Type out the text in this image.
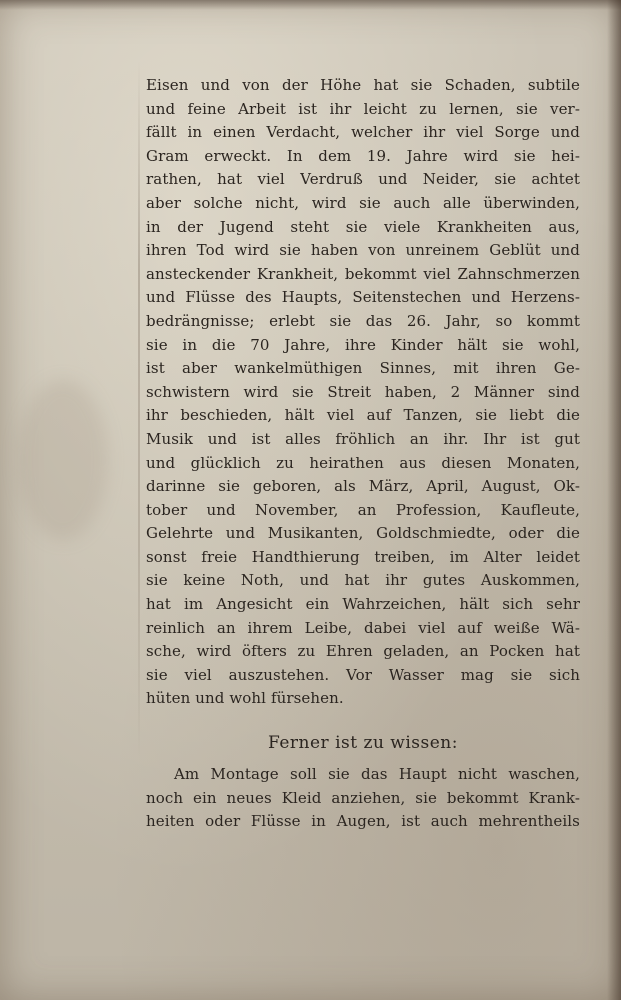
Eisen und von der Höhe hat sie Schaden, subtile
und feine Arbeit ist ihr leicht zu lernen, sie ver-
fällt in einen Verdacht, welcher ihr viel Sorge und
Gram erweckt. In dem 19. Jahre wird sie hei-
rathen, hat viel Verdruß und Neider, sie achtet
aber solche nicht, wird sie auch alle überwinden,
in der Jugend steht sie viele Krankheiten aus,
ihren Tod wird sie haben von unreinem Geblüt und
ansteckender Krankheit, bekommt viel Zahnschmerzen
und Flüsse des Haupts, Seitenstechen und Herzens-
bedrängnisse; erlebt sie das 26. Jahr, so kommt
sie in die 70 Jahre, ihre Kinder hält sie wohl,
ist aber wankelmüthigen Sinnes, mit ihren Ge-
schwistern wird sie Streit haben, 2 Männer sind
ihr beschieden, hält viel auf Tanzen, sie liebt die
Musik und ist alles fröhlich an ihr. Ihr ist gut
und glücklich zu heirathen aus diesen Monaten,
darinne sie geboren, als März, April, August, Ok-
tober und November, an Profession, Kaufleute,
Gelehrte und Musikanten, Goldschmiedte, oder die
sonst freie Handthierung treiben, im Alter leidet
sie keine Noth, und hat ihr gutes Auskommen,
hat im Angesicht ein Wahrzeichen, hält sich sehr
reinlich an ihrem Leibe, dabei viel auf weiße Wä-
sche, wird öfters zu Ehren geladen, an Pocken hat
sie viel auszustehen. Vor Wasser mag sie sich
hüten und wohl fürsehen.
Ferner ist zu wissen:
Am Montage soll sie das Haupt nicht waschen,
noch ein neues Kleid anziehen, sie bekommt Krank-
heiten oder Flüsse in Augen, ist auch mehrentheils
